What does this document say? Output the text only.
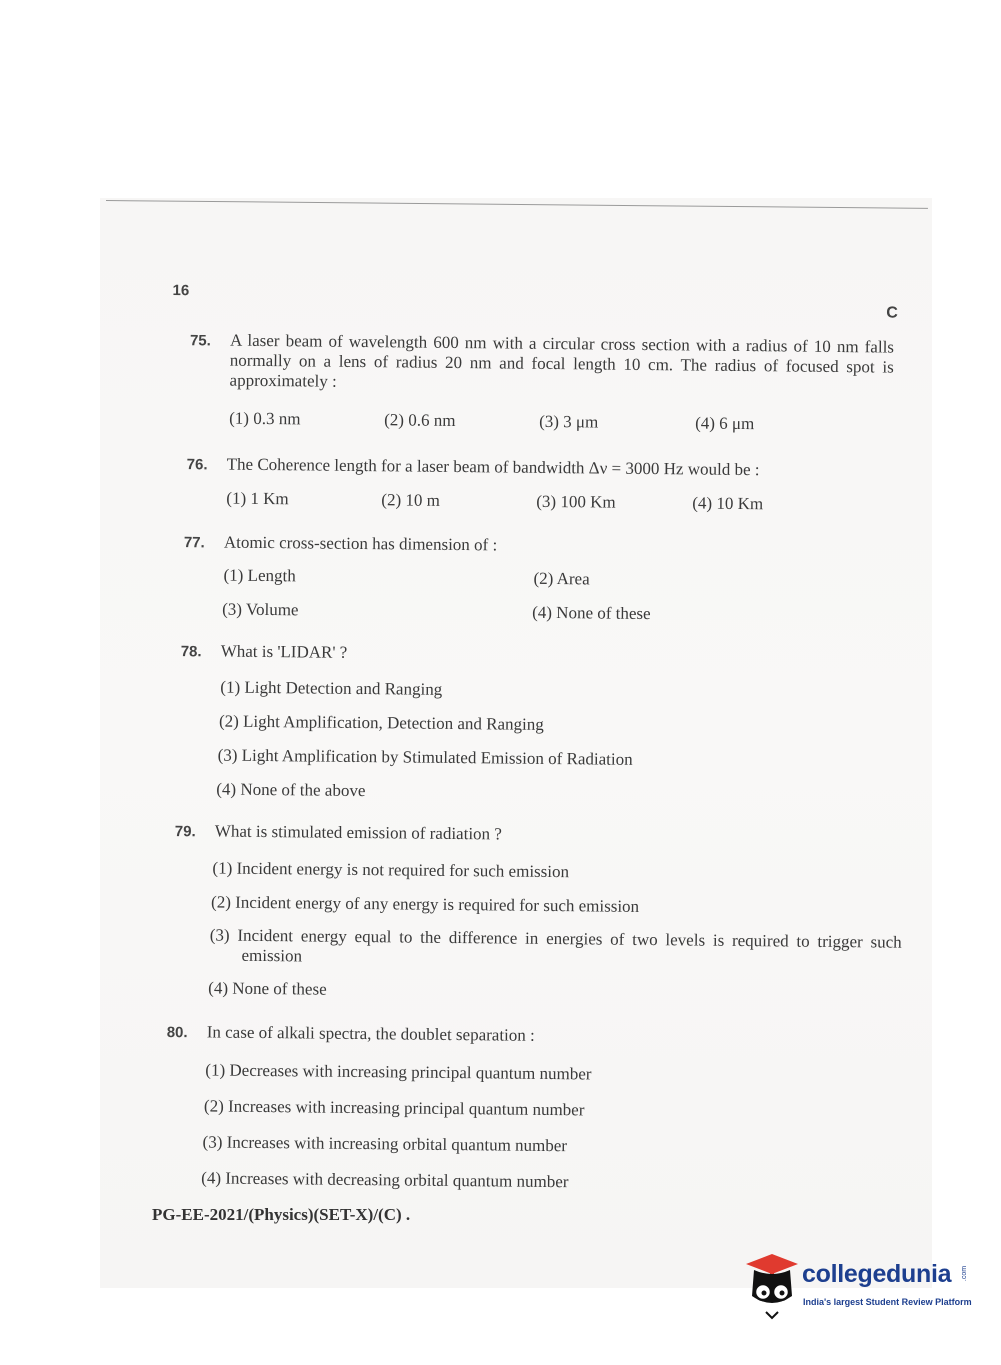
16
C
75. A laser beam of wavelength 600 nm with a circular cross section with a radius of 10 nm falls normally on a lens of radius 20 nm and focal length 10 cm. The radius of focused spot is approximately :
(1) 0.3 nm	(2) 0.6 nm	(3) 3 μm	(4) 6 μm
76. The Coherence length for a laser beam of bandwidth Δν = 3000 Hz would be :
(1) 1 Km	(2) 10 m	(3) 100 Km	(4) 10 Km
77. Atomic cross-section has dimension of :
(1) Length	(2) Area
(3) Volume	(4) None of these
78. What is 'LIDAR' ?
(1) Light Detection and Ranging
(2) Light Amplification, Detection and Ranging
(3) Light Amplification by Stimulated Emission of Radiation
(4) None of the above
79. What is stimulated emission of radiation ?
(1) Incident energy is not required for such emission
(2) Incident energy of any energy is required for such emission
(3) Incident energy equal to the difference in energies of two levels is required to trigger such emission
(4) None of these
80. In case of alkali spectra, the doublet separation :
(1) Decreases with increasing principal quantum number
(2) Increases with increasing principal quantum number
(3) Increases with increasing orbital quantum number
(4) Increases with decreasing orbital quantum number
PG-EE-2021/(Physics)(SET-X)/(C) .
collegedunia .com
India's largest Student Review Platform
